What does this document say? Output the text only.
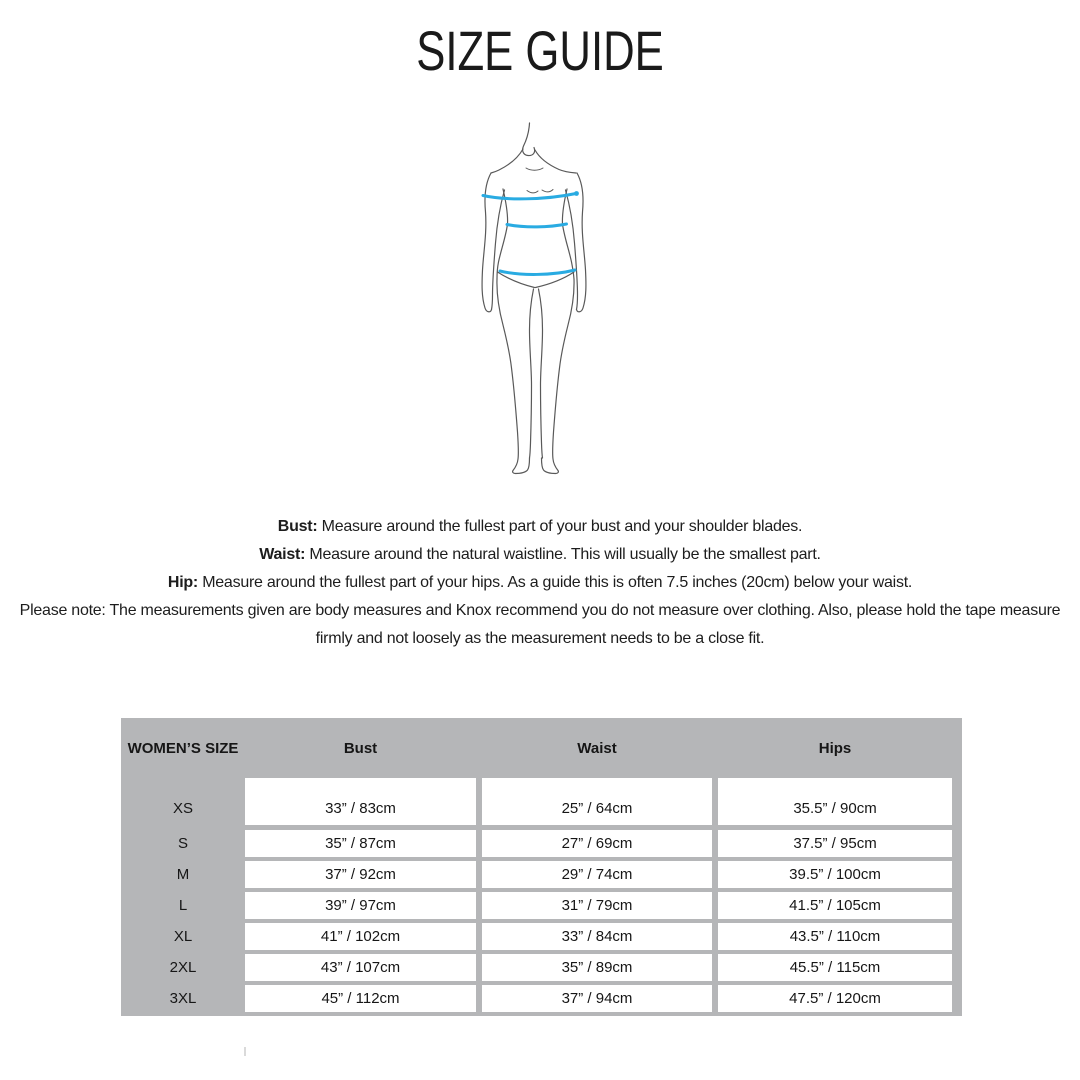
SIZE GUIDE

Bust: Measure around the fullest part of your bust and your shoulder blades.

Waist: Measure around the natural waistline. This will usually be the smallest part.

Hip: Measure around the fullest part of your hips. As a guide this is often 7.5 inches (20cm) below your waist.

Please note: The measurements given are body measures and Knox recommend you do not measure over clothing. Also, please hold the tape measure firmly and not loosely as the measurement needs to be a close fit.

WOMEN’S SIZE	Bust	Waist	Hips
XS	33” / 83cm	25” / 64cm	35.5” / 90cm
S	35” / 87cm	27” / 69cm	37.5” / 95cm
M	37” / 92cm	29” / 74cm	39.5” / 100cm
L	39” / 97cm	31” / 79cm	41.5” / 105cm
XL	41” / 102cm	33” / 84cm	43.5” / 110cm
2XL	43” / 107cm	35” / 89cm	45.5” / 115cm
3XL	45” / 112cm	37” / 94cm	47.5” / 120cm
